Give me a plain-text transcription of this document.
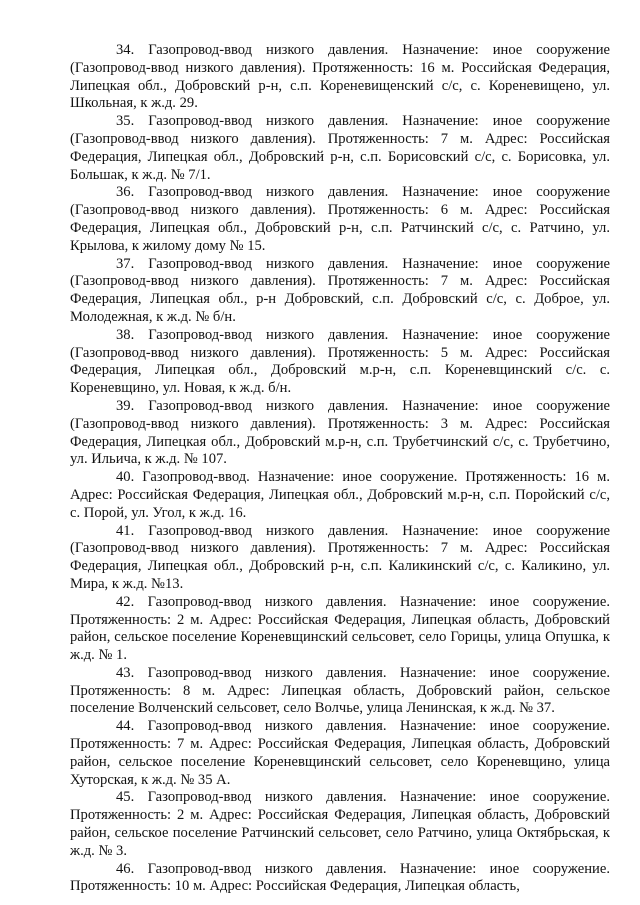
34. Газопровод-ввод низкого давления. Назначение: иное сооружение (Газопровод-ввод низкого давления). Протяженность: 16 м. Российская Федерация, Липецкая обл., Добровский р-н, с.п. Кореневищенский с/с, с. Кореневищено, ул. Школьная, к ж.д. 29.

35. Газопровод-ввод низкого давления. Назначение: иное сооружение (Газопровод-ввод низкого давления). Протяженность: 7 м. Адрес: Российская Федерация, Липецкая обл., Добровский р-н, с.п. Борисовский с/с, с. Борисовка, ул. Большак, к ж.д. № 7/1.

36. Газопровод-ввод низкого давления. Назначение: иное сооружение (Газопровод-ввод низкого давления). Протяженность: 6 м. Адрес: Российская Федерация, Липецкая обл., Добровский р-н, с.п. Ратчинский с/с, с. Ратчино, ул. Крылова, к жилому дому № 15.

37. Газопровод-ввод низкого давления. Назначение: иное сооружение (Газопровод-ввод низкого давления). Протяженность: 7 м. Адрес: Российская Федерация, Липецкая обл., р-н Добровский, с.п. Добровский с/с, с. Доброе, ул. Молодежная, к ж.д. № б/н.

38. Газопровод-ввод низкого давления. Назначение: иное сооружение (Газопровод-ввод низкого давления). Протяженность: 5 м. Адрес: Российская Федерация, Липецкая обл., Добровский м.р-н, с.п. Кореневщинский с/с. с. Кореневщино, ул. Новая, к ж.д. б/н.

39. Газопровод-ввод низкого давления. Назначение: иное сооружение (Газопровод-ввод низкого давления). Протяженность: 3 м. Адрес: Российская Федерация, Липецкая обл., Добровский м.р-н, с.п. Трубетчинский с/с, с. Трубетчино, ул. Ильича, к ж.д. № 107.

40. Газопровод-ввод. Назначение: иное сооружение. Протяженность: 16 м. Адрес: Российская Федерация, Липецкая обл., Добровский м.р-н, с.п. Поройский с/с, с. Порой, ул. Угол, к ж.д. 16.

41. Газопровод-ввод низкого давления. Назначение: иное сооружение (Газопровод-ввод низкого давления). Протяженность: 7 м. Адрес: Российская Федерация, Липецкая обл., Добровский р-н, с.п. Каликинский с/с, с. Каликино, ул. Мира, к ж.д. №13.

42. Газопровод-ввод низкого давления. Назначение: иное сооружение. Протяженность: 2 м. Адрес: Российская Федерация, Липецкая область, Добровский район, сельское поселение Кореневщинский сельсовет, село Горицы, улица Опушка, к ж.д. № 1.

43. Газопровод-ввод низкого давления. Назначение: иное сооружение. Протяженность: 8 м. Адрес: Липецкая область, Добровский район, сельское поселение Волченский сельсовет, село Волчье, улица Ленинская, к ж.д. № 37.

44. Газопровод-ввод низкого давления. Назначение: иное сооружение. Протяженность: 7 м. Адрес: Российская Федерация, Липецкая область, Добровский район, сельское поселение Кореневщинский сельсовет, село Кореневщино, улица Хуторская, к ж.д. № 35 А.

45. Газопровод-ввод низкого давления. Назначение: иное сооружение. Протяженность: 2 м. Адрес: Российская Федерация, Липецкая область, Добровский район, сельское поселение Ратчинский сельсовет, село Ратчино, улица Октябрьская, к ж.д. № 3.

46. Газопровод-ввод низкого давления. Назначение: иное сооружение. Протяженность: 10 м. Адрес: Российская Федерация, Липецкая область,
